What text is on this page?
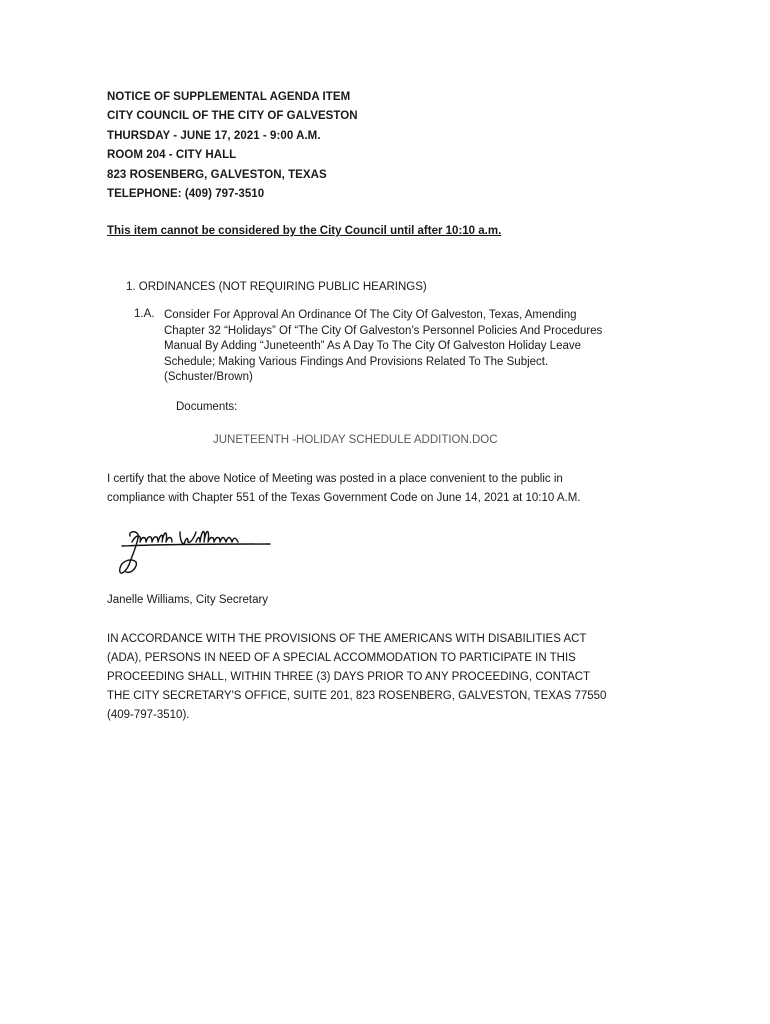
NOTICE OF SUPPLEMENTAL AGENDA ITEM
CITY COUNCIL OF THE CITY OF GALVESTON
THURSDAY - JUNE 17, 2021 - 9:00 A.M.
ROOM 204 - CITY HALL
823 ROSENBERG, GALVESTON, TEXAS
TELEPHONE: (409) 797-3510
This item cannot be considered by the City Council until after 10:10 a.m.
1. ORDINANCES (NOT REQUIRING PUBLIC HEARINGS)
1.A. Consider For Approval An Ordinance Of The City Of Galveston, Texas, Amending
Chapter 32 “Holidays” Of “The City Of Galveston’s Personnel Policies And Procedures
Manual By Adding “Juneteenth” As A Day To The City Of Galveston Holiday Leave
Schedule; Making Various Findings And Provisions Related To The Subject.
(Schuster/Brown)
Documents:
JUNETEENTH -HOLIDAY SCHEDULE ADDITION.DOC
I certify that the above Notice of Meeting was posted in a place convenient to the public in
compliance with Chapter 551 of the Texas Government Code on June 14, 2021 at 10:10 A.M.
Janelle Williams, City Secretary
IN ACCORDANCE WITH THE PROVISIONS OF THE AMERICANS WITH DISABILITIES ACT
(ADA), PERSONS IN NEED OF A SPECIAL ACCOMMODATION TO PARTICIPATE IN THIS
PROCEEDING SHALL, WITHIN THREE (3) DAYS PRIOR TO ANY PROCEEDING, CONTACT
THE CITY SECRETARY'S OFFICE, SUITE 201, 823 ROSENBERG, GALVESTON, TEXAS 77550
(409-797-3510).
